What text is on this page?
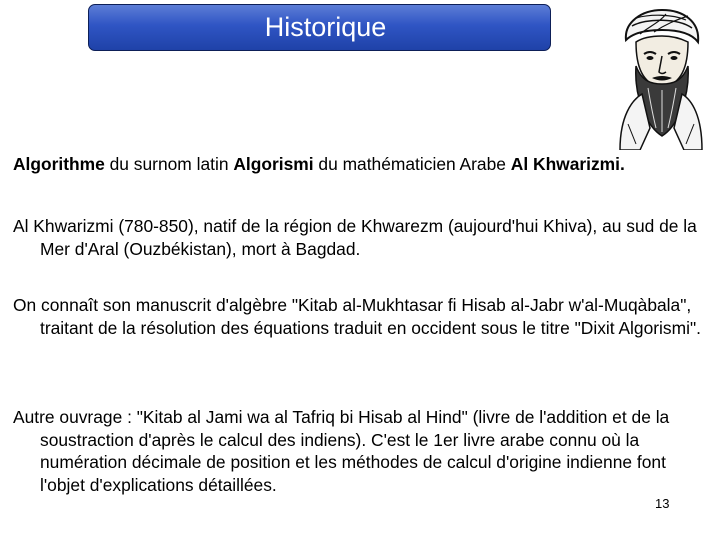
Historique
Algorithme du surnom latin Algorismi du mathématicien Arabe Al Khwarizmi.
Al Khwarizmi (780-850), natif de la région de Khwarezm (aujourd'hui Khiva), au sud de la Mer d'Aral (Ouzbékistan), mort à Bagdad.
On connaît son manuscrit d'algèbre "Kitab al-Mukhtasar fi Hisab al-Jabr w'al-Muqàbala", traitant de la résolution des équations traduit en occident sous le titre "Dixit Algorismi".
Autre ouvrage : "Kitab al Jami wa al Tafriq bi Hisab al Hind" (livre de l'addition et de la soustraction d'après le calcul des indiens). C'est le 1er livre arabe connu où la numération décimale de position et les méthodes de calcul d'origine indienne font l'objet d'explications détaillées.
13
